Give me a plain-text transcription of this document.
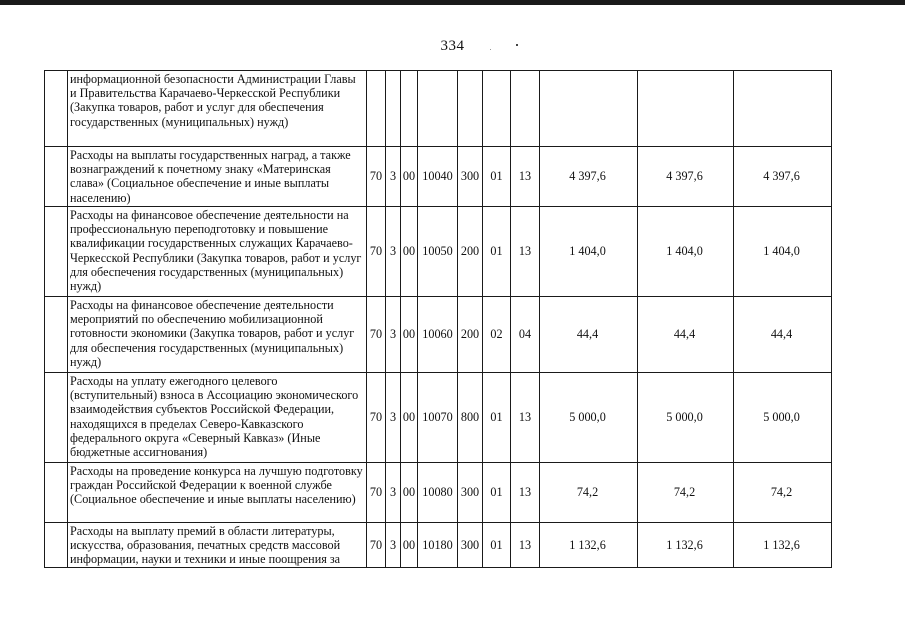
334
	информационной безопасности Администрации Главы и Правительства Карачаево-Черкесской Республики (Закупка товаров, работ и услуг для обеспечения государственных (муниципальных) нужд)										
	Расходы на выплаты государственных наград, а также вознаграждений к почетному знаку «Материнская слава» (Социальное обеспечение и иные выплаты населению)	70	3	00	10040	300	01	13	4 397,6	4 397,6	4 397,6
	Расходы на финансовое обеспечение деятельности на профессиональную переподготовку и повышение квалификации государственных служащих Карачаево-Черкесской Республики (Закупка товаров, работ и услуг для обеспечения государственных (муниципальных) нужд)	70	3	00	10050	200	01	13	1 404,0	1 404,0	1 404,0
	Расходы на финансовое обеспечение деятельности мероприятий по обеспечению мобилизационной готовности экономики (Закупка товаров, работ и услуг для обеспечения государственных (муниципальных) нужд)	70	3	00	10060	200	02	04	44,4	44,4	44,4
	Расходы на уплату ежегодного целевого (вступительный) взноса в Ассоциацию экономического взаимодействия субъектов Российской Федерации, находящихся в пределах Северо-Кавказского федерального округа «Северный Кавказ» (Иные бюджетные ассигнования)	70	3	00	10070	800	01	13	5 000,0	5 000,0	5 000,0
	Расходы на проведение конкурса на лучшую подготовку граждан Российской Федерации к военной службе (Социальное обеспечение и иные выплаты населению)	70	3	00	10080	300	01	13	74,2	74,2	74,2
	Расходы на выплату премий в области литературы, искусства, образования, печатных средств массовой информации, науки и техники и иные поощрения за	70	3	00	10180	300	01	13	1 132,6	1 132,6	1 132,6
